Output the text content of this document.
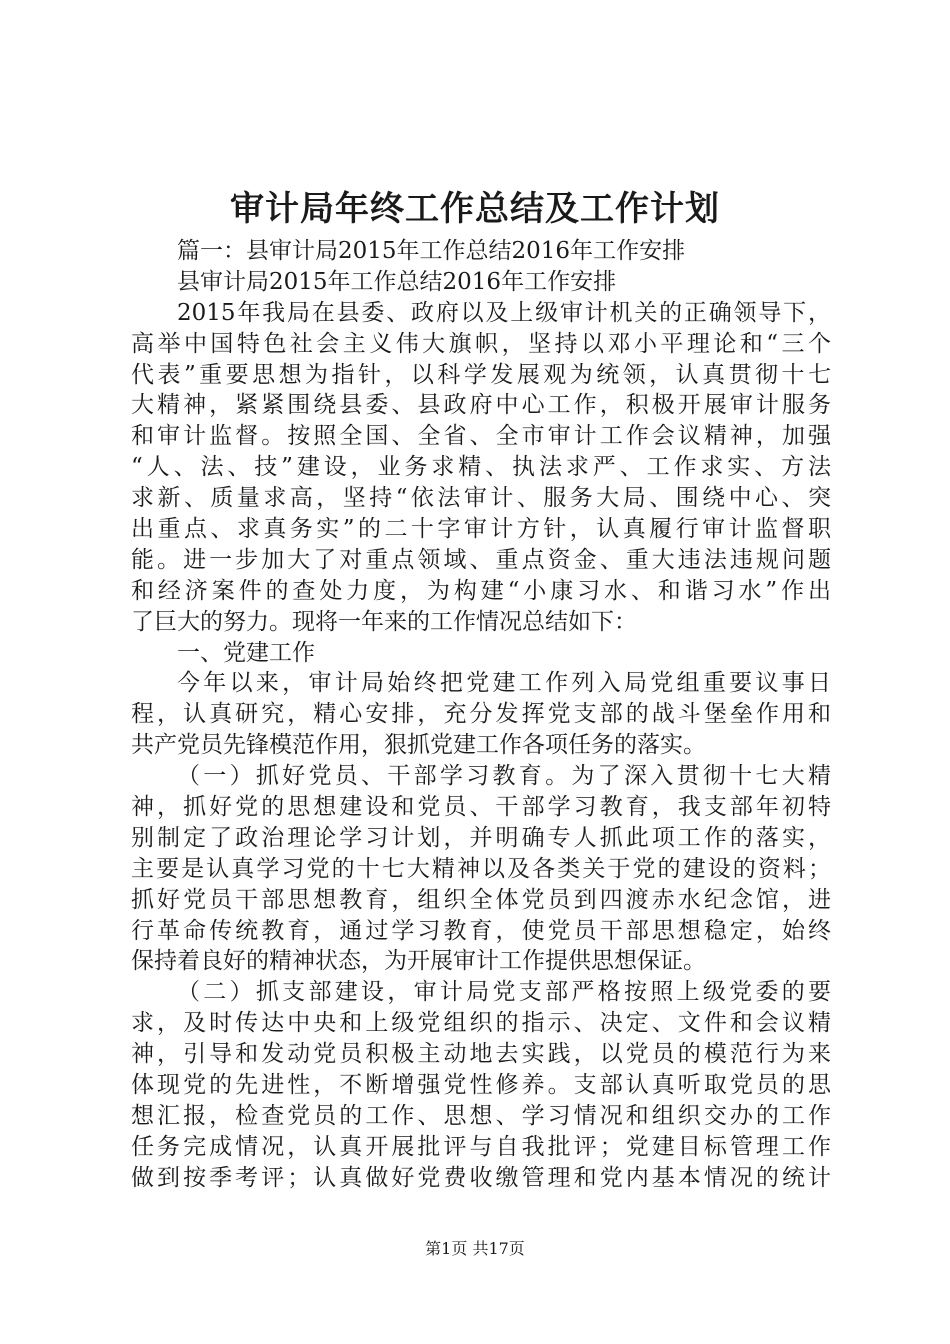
审计局年终工作总结及工作计划
篇一：县审计局2015年工作总结2016年工作安排
县审计局2015年工作总结2016年工作安排
2015年我局在县委、政府以及上级审计机关的正确领导下，
高举中国特色社会主义伟大旗帜，坚持以邓小平理论和“三个
代表”重要思想为指针，以科学发展观为统领，认真贯彻十七
大精神，紧紧围绕县委、县政府中心工作，积极开展审计服务
和审计监督。按照全国、全省、全市审计工作会议精神，加强
“人、法、技”建设，业务求精、执法求严、工作求实、方法
求新、质量求高，坚持“依法审计、服务大局、围绕中心、突
出重点、求真务实”的二十字审计方针，认真履行审计监督职
能。进一步加大了对重点领域、重点资金、重大违法违规问题
和经济案件的查处力度，为构建“小康习水、和谐习水”作出
了巨大的努力。现将一年来的工作情况总结如下：
一、党建工作
今年以来，审计局始终把党建工作列入局党组重要议事日
程，认真研究，精心安排，充分发挥党支部的战斗堡垒作用和
共产党员先锋模范作用，狠抓党建工作各项任务的落实。
（一）抓好党员、干部学习教育。为了深入贯彻十七大精
神，抓好党的思想建设和党员、干部学习教育，我支部年初特
别制定了政治理论学习计划，并明确专人抓此项工作的落实，
主要是认真学习党的十七大精神以及各类关于党的建设的资料；
抓好党员干部思想教育，组织全体党员到四渡赤水纪念馆，进
行革命传统教育，通过学习教育，使党员干部思想稳定，始终
保持着良好的精神状态，为开展审计工作提供思想保证。
（二）抓支部建设，审计局党支部严格按照上级党委的要
求，及时传达中央和上级党组织的指示、决定、文件和会议精
神，引导和发动党员积极主动地去实践，以党员的模范行为来
体现党的先进性，不断增强党性修养。支部认真听取党员的思
想汇报，检查党员的工作、思想、学习情况和组织交办的工作
任务完成情况，认真开展批评与自我批评；党建目标管理工作
做到按季考评；认真做好党费收缴管理和党内基本情况的统计
第1页 共17页
